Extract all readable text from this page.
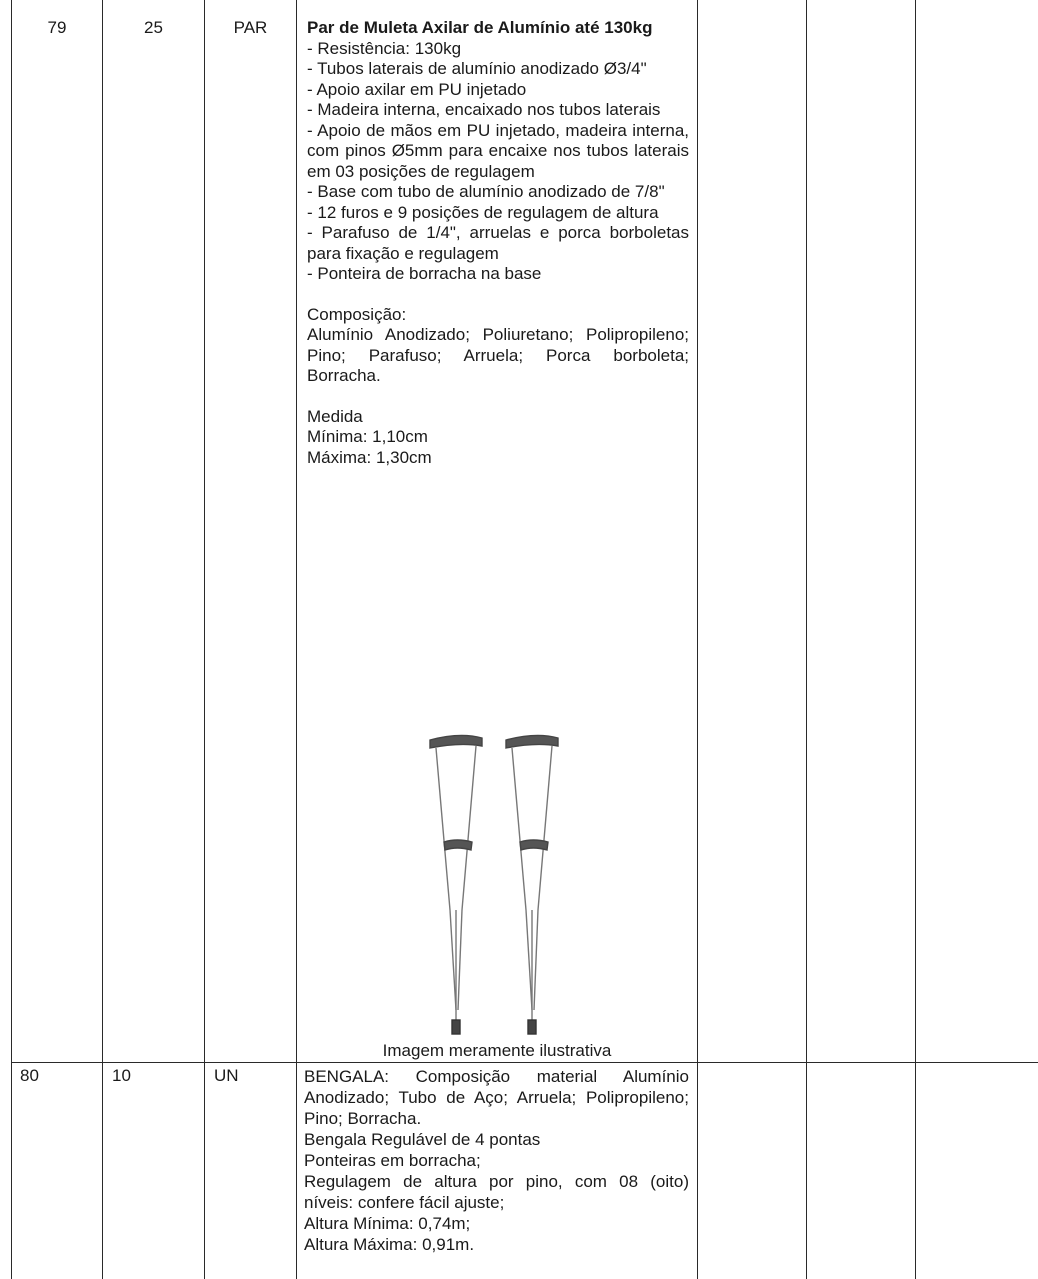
79	25	PAR	Par de Muleta Axilar de Alumínio até 130kg
- Resistência: 130kg
- Tubos laterais de alumínio anodizado Ø3/4"
- Apoio axilar em PU injetado
- Madeira interna, encaixado nos tubos laterais
- Apoio de mãos em PU injetado, madeira interna, com pinos Ø5mm para encaixe nos tubos laterais em 03 posições de regulagem
- Base com tubo de alumínio anodizado de 7/8"
- 12 furos e 9 posições de regulagem de altura
- Parafuso de 1/4", arruelas e porca borboletas para fixação e regulagem
- Ponteira de borracha na base
Composição:
Alumínio Anodizado; Poliuretano; Polipropileno; Pino; Parafuso; Arruela; Porca borboleta; Borracha.
Medida
Mínima: 1,10cm
Máxima: 1,30cm
Imagem meramente ilustrativa
80	10	UN	BENGALA: Composição material Alumínio Anodizado; Tubo de Aço; Arruela; Polipropileno; Pino; Borracha.
Bengala Regulável de 4 pontas
Ponteiras em borracha;
Regulagem de altura por pino, com 08 (oito) níveis: confere fácil ajuste;
Altura Mínima: 0,74m;
Altura Máxima: 0,91m.
